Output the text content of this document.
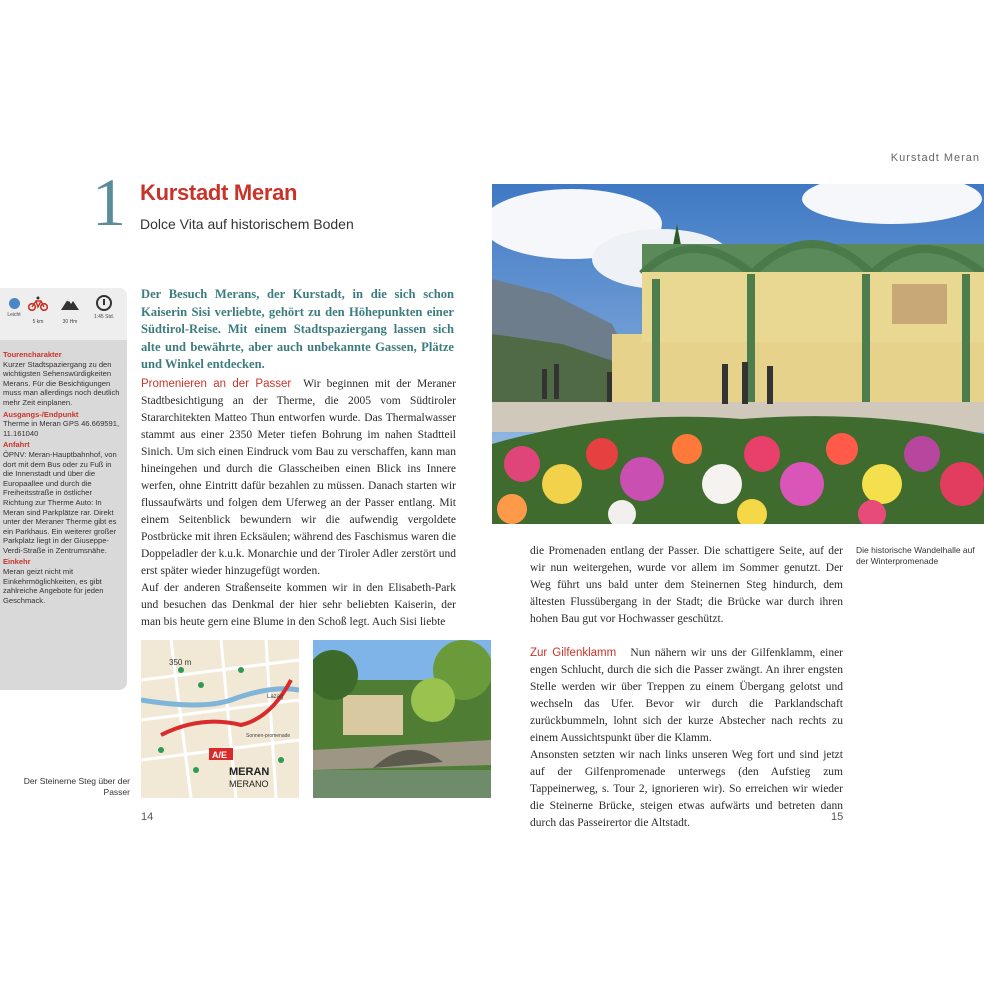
Kurstadt Meran
1 Kurstadt Meran
Dolce Vita auf historischem Boden
Leicht
5 km	30 Hm
1:45 Std.

Tourencharakter
Kurzer Stadtspaziergang zu den wichtigsten Sehenswürdigkeiten Merans. Für die Besichtigungen muss man allerdings noch deutlich mehr Zeit einplanen.

Ausgangs-/Endpunkt
Therme in Meran GPS 46.669591, 11.161040

Anfahrt
ÖPNV: Meran-Hauptbahnhof, von dort mit dem Bus oder zu Fuß in die Innenstadt und über die Europaallee und durch die Freiheitsstraße in östlicher Richtung zur Therme Auto: In Meran sind Parkplätze rar. Direkt unter der Meraner Therme gibt es ein Parkhaus. Ein weiterer großer Parkplatz liegt in der Giuseppe-Verdi-Straße in Zentrumsnähe.

Einkehr
Meran geizt nicht mit Einkehrmöglichkeiten, es gibt zahlreiche Angebote für jeden Geschmack.

Der Besuch Merans, der Kurstadt, in die sich schon Kaiserin Sisi verliebte, gehört zu den Höhepunkten einer Südtirol-Reise. Mit einem Stadtspaziergang lassen sich alte und bewährte, aber auch unbekannte Gassen, Plätze und Winkel entdecken.
Promenieren an der Passer Wir beginnen mit der Meraner Stadtbesichtigung an der Therme, die 2005 vom Südtiroler Stararchitekten Matteo Thun entworfen wurde. Das Thermalwasser stammt aus einer 2350 Meter tiefen Bohrung im nahen Stadtteil Sinich. Um sich einen Eindruck vom Bau zu verschaffen, kann man hineingehen und durch die Glasscheiben einen Blick ins Innere werfen, ohne Eintritt dafür bezahlen zu müssen. Danach starten wir flussaufwärts und folgen dem Uferweg an der Passer entlang. Mit einem Seitenblick bewundern wir die aufwendig vergoldete Postbrücke mit ihren Ecksäulen; während des Faschismus waren die Doppeladler der k.u.k. Monarchie und der Tiroler Adler zerstört und erst später wieder hinzugefügt worden.
Auf der anderen Straßenseite kommen wir in den Elisabeth-Park und besuchen das Denkmal der hier sehr beliebten Kaiserin, der man bis heute gern eine Blume in den Schoß legt. Auch Sisi liebte
Die historische Wandelhalle auf der Winterpromenade

die Promenaden entlang der Passer. Die schattigere Seite, auf der wir nun weitergehen, wurde vor allem im Sommer genutzt. Der Weg führt uns bald unter dem Steinernen Steg hindurch, dem ältesten Flussübergang in der Stadt; die Brücke war durch ihren hohen Bau gut vor Hochwasser geschützt.

Zur Gilfenklamm Nun nähern wir uns der Gilfenklamm, einer engen Schlucht, durch die sich die Passer zwängt. An ihrer engsten Stelle werden wir über Treppen zu einem Übergang gelotst und wechseln das Ufer. Bevor wir durch die Parklandschaft zurückbummeln, lohnt sich der kurze Abstecher nach rechts zu einem Aussichtspunkt über die Klamm.
Ansonsten setzten wir nach links unseren Weg fort und sind jetzt auf der Gilfenpromenade unterwegs (den Aufstieg zum Tappeinerweg, s. Tour 2, ignorieren wir). So erreichen wir wieder die Steinerne Brücke, steigen etwas aufwärts und betreten dann durch das Passeirertor die Altstadt.

A/E
350 m
MERAN
MERANO
Lazag
Sonnen-promenade
Der Steinerne Steg über der Passer
14	15
